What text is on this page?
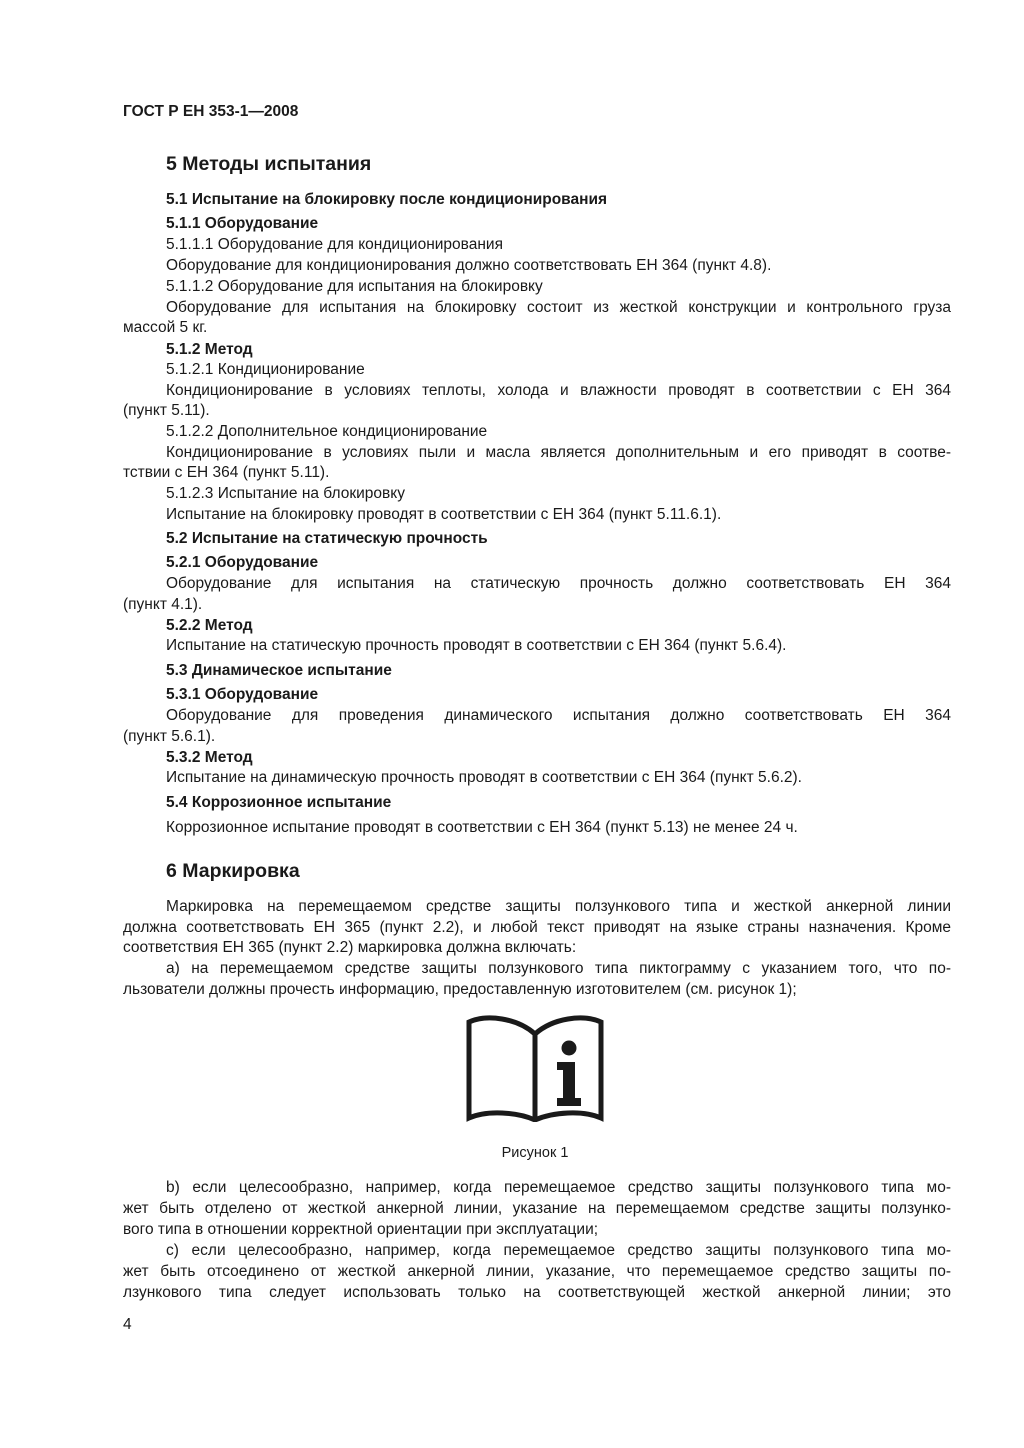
ГОСТ Р ЕН 353-1—2008
5 Методы испытания
5.1 Испытание на блокировку после кондиционирования
5.1.1 Оборудование
5.1.1.1 Оборудование для кондиционирования
Оборудование для кондиционирования должно соответствовать ЕН 364 (пункт 4.8).
5.1.1.2 Оборудование для испытания на блокировку
Оборудование для испытания на блокировку состоит из жесткой конструкции и контрольного груза
массой 5 кг.
5.1.2 Метод
5.1.2.1 Кондиционирование
Кондиционирование в условиях теплоты, холода и влажности проводят в соответствии с ЕН 364
(пункт 5.11).
5.1.2.2 Дополнительное кондиционирование
Кондиционирование в условиях пыли и масла является дополнительным и его приводят в соотве-
тствии с ЕН 364 (пункт 5.11).
5.1.2.3 Испытание на блокировку
Испытание на блокировку проводят в соответствии с ЕН 364 (пункт 5.11.6.1).
5.2 Испытание на статическую прочность
5.2.1 Оборудование
Оборудование для испытания на статическую прочность должно соответствовать ЕН 364
(пункт 4.1).
5.2.2 Метод
Испытание на статическую прочность проводят в соответствии с ЕН 364 (пункт 5.6.4).
5.3 Динамическое испытание
5.3.1 Оборудование
Оборудование для проведения динамического испытания должно соответствовать ЕН 364
(пункт 5.6.1).
5.3.2 Метод
Испытание на динамическую прочность проводят в соответствии с ЕН 364 (пункт 5.6.2).
5.4 Коррозионное испытание
Коррозионное испытание проводят в соответствии с ЕН 364 (пункт 5.13) не менее 24 ч.
6 Маркировка
Маркировка на перемещаемом средстве защиты ползункового типа и жесткой анкерной линии
должна соответствовать ЕН 365 (пункт 2.2), и любой текст приводят на языке страны назначения. Кроме
соответствия ЕН 365 (пункт 2.2) маркировка должна включать:
a) на перемещаемом средстве защиты ползункового типа пиктограмму с указанием того, что по-
льзователи должны прочесть информацию, предоставленную изготовителем (см. рисунок 1);
Рисунок 1
b) если целесообразно, например, когда перемещаемое средство защиты ползункового типа мо-
жет быть отделено от жесткой анкерной линии, указание на перемещаемом средстве защиты ползунко-
вого типа в отношении корректной ориентации при эксплуатации;
c) если целесообразно, например, когда перемещаемое средство защиты ползункового типа мо-
жет быть отсоединено от жесткой анкерной линии, указание, что перемещаемое средство защиты по-
лзункового типа следует использовать только на соответствующей жесткой анкерной линии; это
4
